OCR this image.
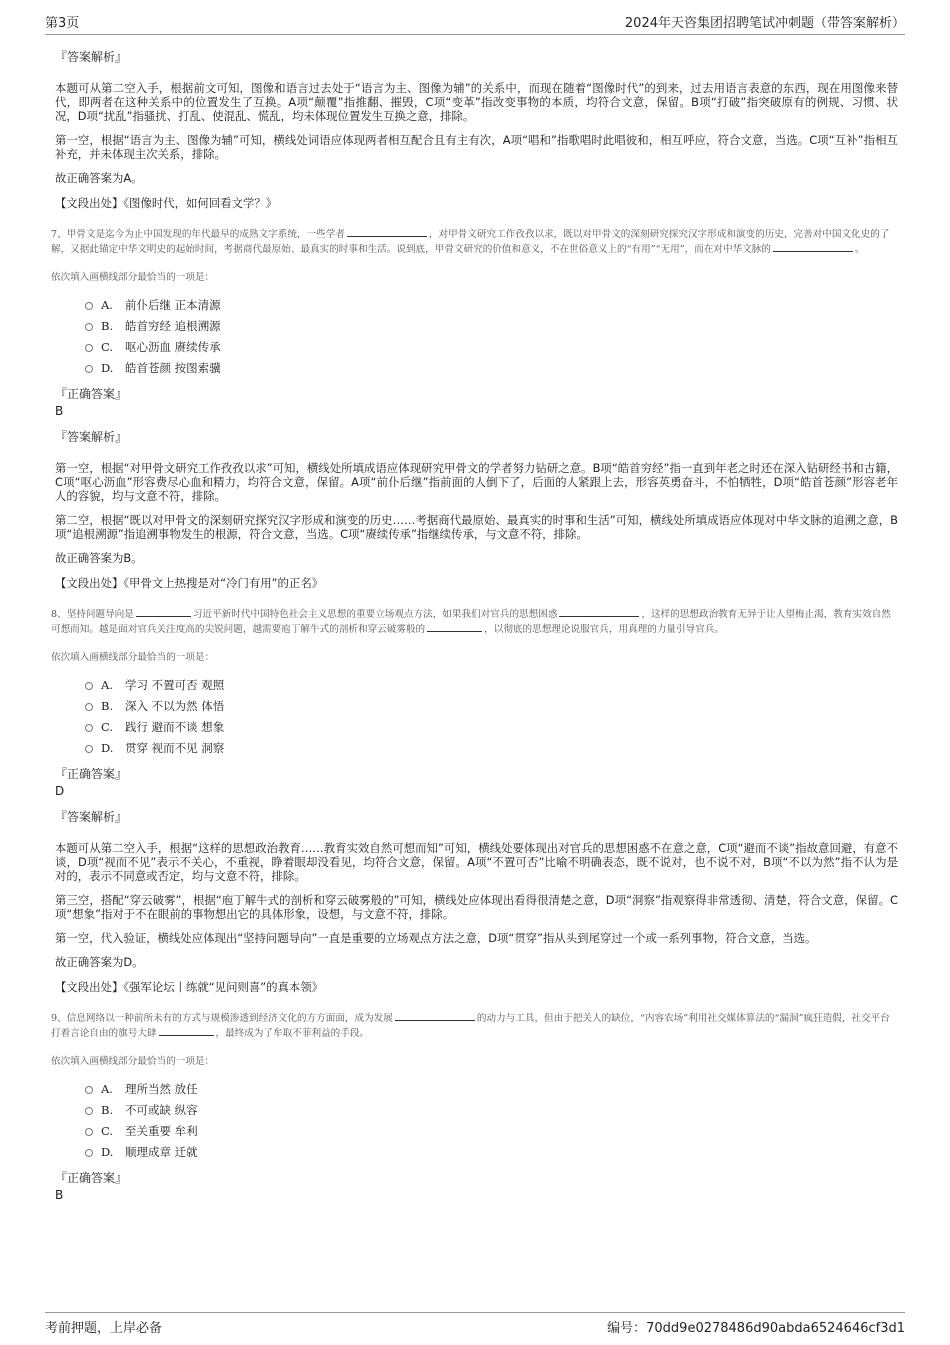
第3页	2024年天咨集团招聘笔试冲刺题（带答案解析）
『答案解析』

本题可从第二空入手，根据前文可知，图像和语言过去处于“语言为主、图像为辅”的关系中，而现在随着“图像时代”的到来，过去用语言表意的东西，现在用图像来替代，即两者在这种关系中的位置发生了互换。A项“颠覆”指推翻、摧毁，C项“变革”指改变事物的本质，均符合文意，保留。B项“打破”指突破原有的例规、习惯、状况，D项“扰乱”指骚扰、打乱、使混乱、慌乱，均未体现位置发生互换之意，排除。

第一空，根据“语言为主、图像为辅”可知，横线处词语应体现两者相互配合且有主有次，A项“唱和”指歌唱时此唱彼和，相互呼应，符合文意，当选。C项“互补”指相互补充，并未体现主次关系，排除。

故正确答案为A。

【文段出处】《图像时代，如何回看文学？》
7、甲骨文是迄今为止中国发现的年代最早的成熟文字系统，一些学者	，对甲骨文研究工作孜孜以求，既以对甲骨文的深刻研究探究汉字形成和演变的历史，完善对中国文化史的了解，又据此锚定中华文明史的起始时间，考据商代最原始、最真实的时事和生活。说到底，甲骨文研究的价值和意义，不在世俗意义上的“有用”“无用”，而在对中华文脉的	。
依次填入画横线部分最恰当的一项是：
A.	前仆后继 正本清源
B.	皓首穷经 追根溯源
C.	呕心沥血 赓续传承
D.	皓首苍颜 按图索骥
『正确答案』
B
『答案解析』

第一空，根据“对甲骨文研究工作孜孜以求”可知，横线处所填成语应体现研究甲骨文的学者努力钻研之意。B项“皓首穷经”指一直到年老之时还在深入钻研经书和古籍，C项“呕心沥血”形容费尽心血和精力，均符合文意，保留。A项“前仆后继”指前面的人倒下了，后面的人紧跟上去，形容英勇奋斗，不怕牺牲，D项“皓首苍颜”形容老年人的容貌，均与文意不符，排除。

第二空，根据“既以对甲骨文的深刻研究探究汉字形成和演变的历史……考据商代最原始、最真实的时事和生活”可知，横线处所填成语应体现对中华文脉的追溯之意，B项“追根溯源”指追溯事物发生的根源，符合文意，当选。C项“赓续传承”指继续传承，与文意不符，排除。

故正确答案为B。

【文段出处】《甲骨文上热搜是对“冷门有用”的正名》
8、坚持问题导向是	习近平新时代中国特色社会主义思想的重要立场观点方法，如果我们对官兵的思想困惑	，这样的思想政治教育无异于让人望梅止渴，教育实效自然可想而知。越是面对官兵关注度高的尖锐问题，越需要庖丁解牛式的剖析和穿云破雾般的	，以彻底的思想理论说服官兵，用真理的力量引导官兵。
依次填入画横线部分最恰当的一项是：
A.	学习 不置可否 观照
B.	深入 不以为然 体悟
C.	践行 避而不谈 想象
D.	贯穿 视而不见 洞察
『正确答案』
D
『答案解析』

本题可从第二空入手，根据“这样的思想政治教育……教育实效自然可想而知”可知，横线处要体现出对官兵的思想困惑不在意之意，C项“避而不谈”指故意回避，有意不谈，D项“视而不见”表示不关心，不重视，睁着眼却没看见，均符合文意，保留。A项“不置可否”比喻不明确表态，既不说对，也不说不对，B项“不以为然”指不认为是对的，表示不同意或否定，均与文意不符，排除。

第三空，搭配“穿云破雾”，根据“庖丁解牛式的剖析和穿云破雾般的”可知，横线处应体现出看得很清楚之意，D项“洞察”指观察得非常透彻、清楚，符合文意，保留。C项“想象”指对于不在眼前的事物想出它的具体形象，设想，与文意不符，排除。

第一空，代入验证，横线处应体现出“坚持问题导向”一直是重要的立场观点方法之意，D项“贯穿”指从头到尾穿过一个或一系列事物，符合文意，当选。

故正确答案为D。

【文段出处】《强军论坛丨练就“见问则喜”的真本领》
9、信息网络以一种前所未有的方式与规模渗透到经济文化的方方面面，成为发展	的动力与工具，但由于把关人的缺位，“内容农场”利用社交媒体算法的“漏洞”疯狂造假，社交平台打着言论自由的旗号大肆	，最终成为了牟取不菲利益的手段。
依次填入画横线部分最恰当的一项是：
A.	理所当然 放任
B.	不可或缺 纵容
C.	至关重要 牟利
D.	顺理成章 迁就
『正确答案』
B
考前押题，上岸必备	编号：70dd9e0278486d90abda6524646cf3d1
